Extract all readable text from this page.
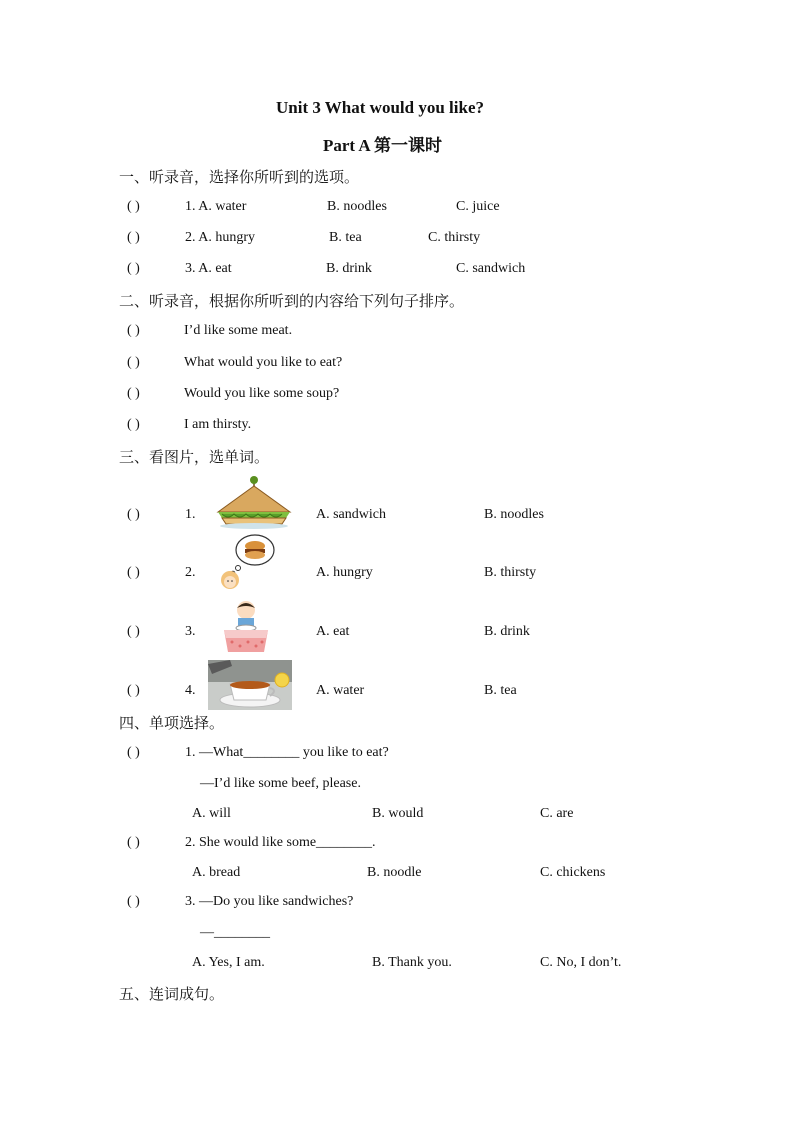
Unit 3 What would you like?
Part A 第一课时
一、听录音，选择你所听到的选项。
( )	1. A. water	B. noodles	C. juice
( )	2. A. hungry	B. tea	C. thirsty
( )	3. A. eat	B. drink	C. sandwich
二、听录音，根据你所听到的内容给下列句子排序。
( )	I’d like some meat.
( )	What would you like to eat?
( )	Would you like some soup?
( )	I am thirsty.
三、看图片，选单词。
( )	1.	A. sandwich	B. noodles
( )	2.	A. hungry	B. thirsty
( )	3.	A. eat	B. drink
( )	4.	A. water	B. tea
四、单项选择。
( )	1. —What________ you like to eat?
—I’d like some beef, please.
A. will	B. would	C. are
( )	2. She would like some________.
A. bread	B. noodle	C. chickens
( )	3. —Do you like sandwiches?
—________
A. Yes, I am.	B. Thank you.	C. No, I don’t.
五、连词成句。
